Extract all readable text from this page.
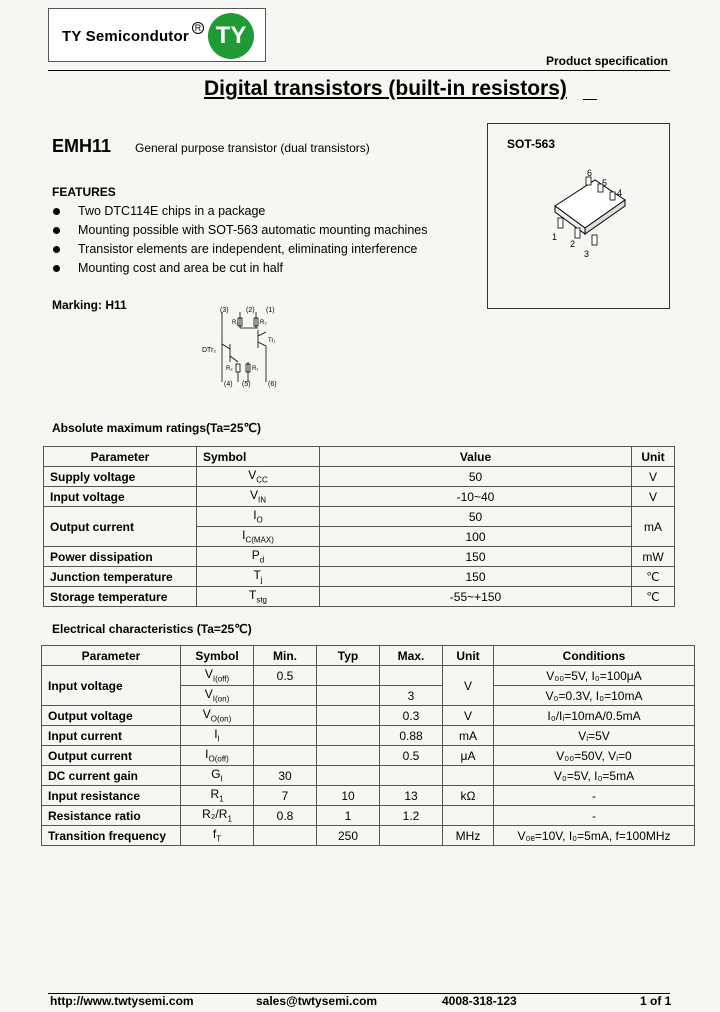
TY Semicondutor R TY
Product specification
Digital transistors (built-in resistors)
EMH11 General purpose transistor (dual transistors)	SOT-563
1
2
3
4
5
6
FEATURES
Two DTC114E chips in a package
Mounting possible with SOT-563 automatic mounting machines
Transistor elements are independent, eliminating interference
Mounting cost and area be cut in half
Marking: H11	(3) (2) (1)
R₁	R₂
Tr₁
DTr₂
R₂	R₁
(4) (5) (6)
Absolute maximum ratings(Ta=25℃)
Parameter	Symbol	Value	Unit
Supply voltage	$V_{CC}$	50	V
Input voltage	$V_{IN}$	-10~40	V
Output current	$I_O$	50	mA
	$I_{C(MAX)}$	100	
Power dissipation	$P_d$	150	mW
Junction temperature	$T_j$	150	℃
Storage temperature	$T_{stg}$	-55~+150	℃
Electrical characteristics (Ta=25℃)
Parameter	Symbol	Min.	Typ	Max.	Unit	Conditions
Input voltage	$V_{I(off)}$	0.5			V	V₀₀=5V, I₀=100μA
	$V_{I(on)}$			3		V₀=0.3V, I₀=10mA
Output voltage	$V_{O(on)}$			0.3	V	I₀/Iᵢ=10mA/0.5mA
Input current	$I_I$			0.88	mA	Vᵢ=5V
Output current	$I_{O(off)}$			0.5	μA	V₀₀=50V, Vᵢ=0
DC current gain	$G_I$	30				V₀=5V, I₀=5mA
Input resistance	$R_1$	7	10	13	kΩ	-
Resistance ratio	$R_2/R_1$	0.8	1	1.2		-
Transition frequency	$f_T$		250		MHz	V₀ₑ=10V, I₀=5mA, f=100MHz
http://www.twtysemi.com	sales@twtysemi.com	4008-318-123	1 of 1
